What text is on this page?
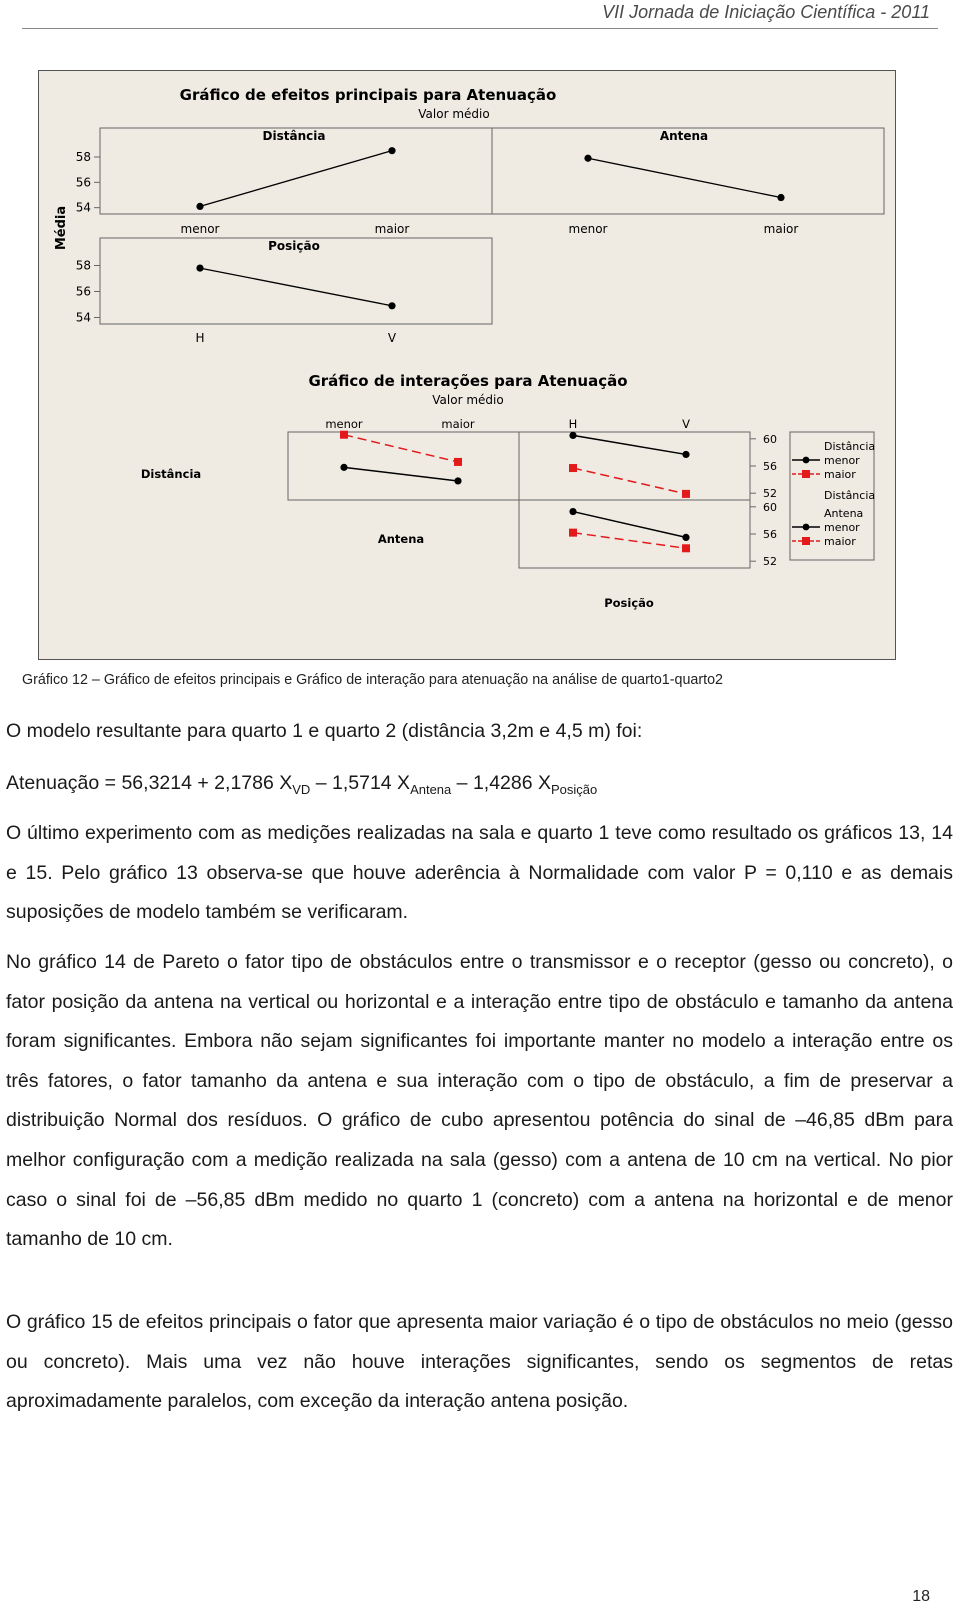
VII Jornada de Iniciação Científica - 2011
Gráfico de efeitos principais para Atenuação
Valor médio
Média
Distância
menor	maior
54
56
58
Antena
menor	maior
Posição
H	V
54
56
58
Gráfico de interações para Atenuação
Valor médio
menor	maior	H	V
Distância
Antena
Posição
60
56
52
60
56
52
Distância
menor
maior
Distância
Antena
menor
maior
Gráfico 12 – Gráfico de efeitos principais e Gráfico de interação para atenuação na análise de quarto1-quarto2
O modelo resultante para quarto 1 e quarto 2 (distância 3,2m e 4,5 m) foi:
Atenuação = 56,3214 + 2,1786 $X_{VD} - 1,5714$ $X_{Antena} - 1,4286$ $X_{Posição}$
O último experimento com as medições realizadas na sala e quarto 1 teve como resultado os gráficos 13, 14 e 15. Pelo gráfico 13 observa-se que houve aderência à Normalidade com valor P = 0,110 e as demais suposições de modelo também se verificaram.
No gráfico 14 de Pareto o fator tipo de obstáculos entre o transmissor e o receptor (gesso ou concreto), o fator posição da antena na vertical ou horizontal e a interação entre tipo de obstáculo e tamanho da antena foram significantes. Embora não sejam significantes foi importante manter no modelo a interação entre os três fatores, o fator tamanho da antena e sua interação com o tipo de obstáculo, a fim de preservar a distribuição Normal dos resíduos. O gráfico de cubo apresentou potência do sinal de –46,85 dBm para melhor configuração com a medição realizada na sala (gesso) com a antena de 10 cm na vertical. No pior caso o sinal foi de –56,85 dBm medido no quarto 1 (concreto) com a antena na horizontal e de menor tamanho de 10 cm.
O gráfico 15 de efeitos principais o fator que apresenta maior variação é o tipo de obstáculos no meio (gesso ou concreto). Mais uma vez não houve interações significantes, sendo os segmentos de retas aproximadamente paralelos, com exceção da interação antena posição.
18
